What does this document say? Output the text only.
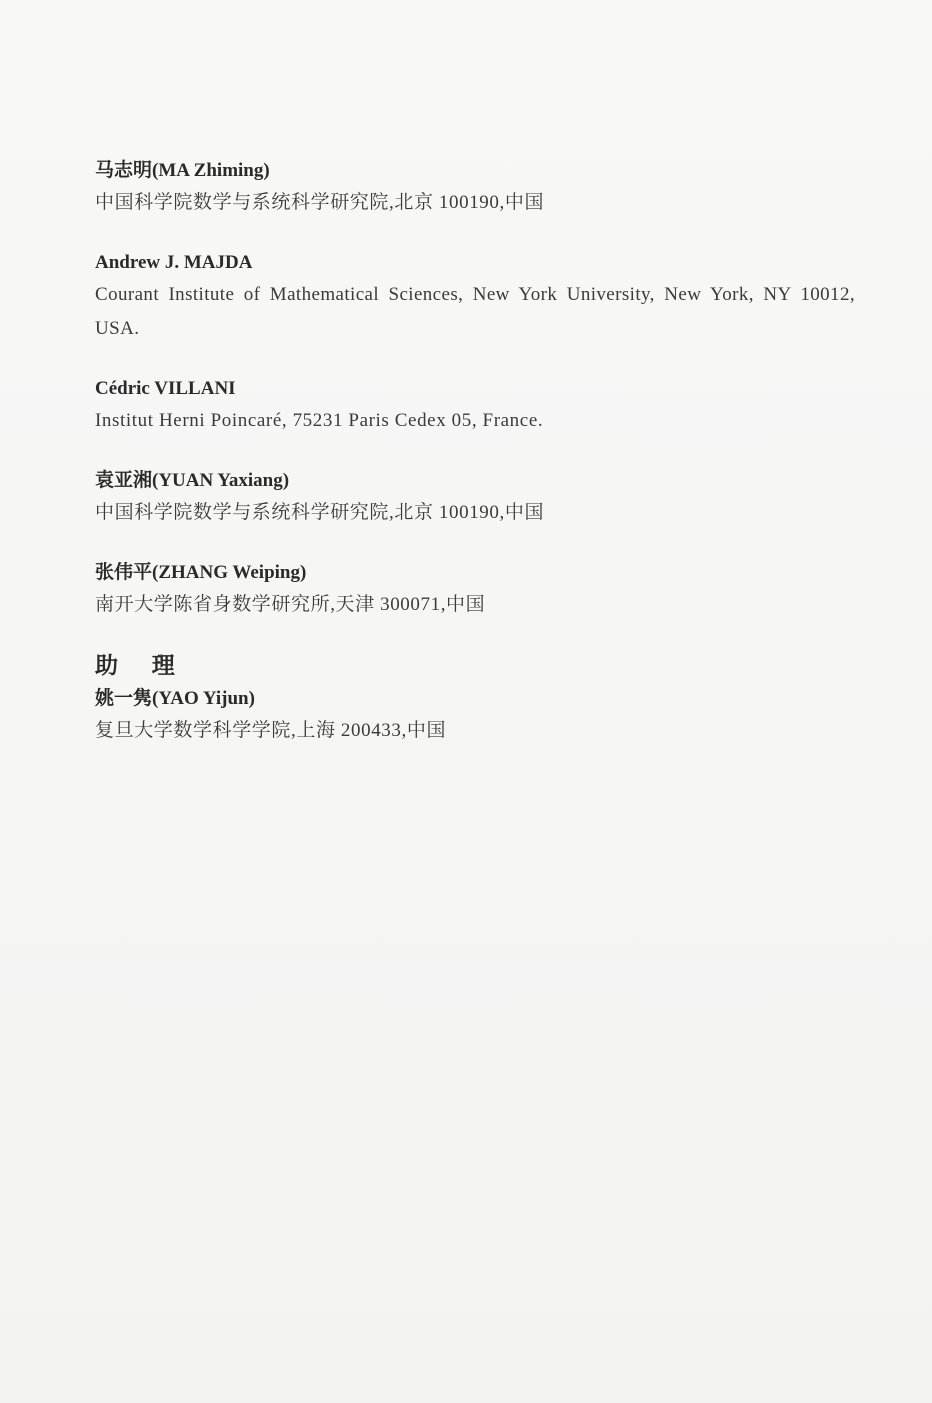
马志明(MA Zhiming)
中国科学院数学与系统科学研究院,北京 100190,中国
Andrew J. MAJDA
Courant Institute of Mathematical Sciences, New York University, New York, NY 10012, USA.
Cédric VILLANI
Institut Herni Poincaré, 75231 Paris Cedex 05, France.
袁亚湘(YUAN Yaxiang)
中国科学院数学与系统科学研究院,北京 100190,中国
张伟平(ZHANG Weiping)
南开大学陈省身数学研究所,天津 300071,中国
助 理
姚一隽(YAO Yijun)
复旦大学数学科学学院,上海 200433,中国
